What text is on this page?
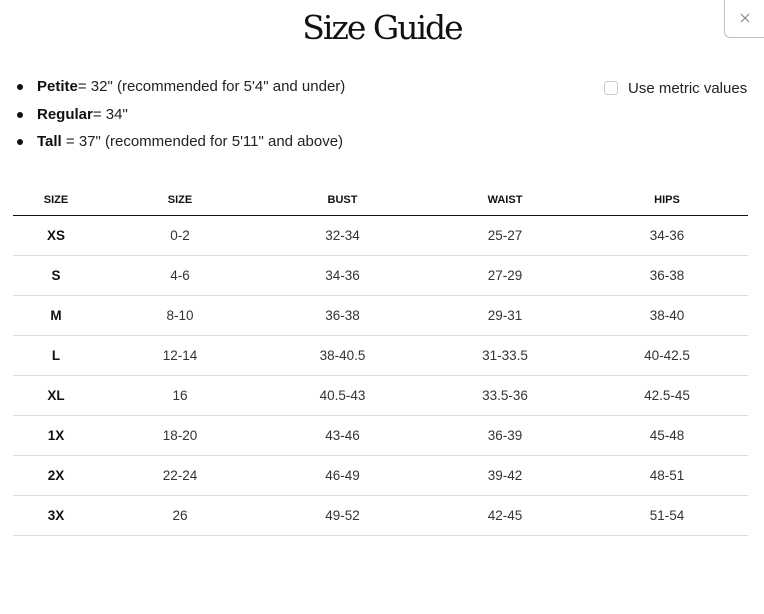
Size Guide
Petite= 32" (recommended for 5'4" and under)
Regular= 34"
Tall = 37" (recommended for 5'11" and above)
Use metric values
SIZE	SIZE	BUST	WAIST	HIPS
XS	0-2	32-34	25-27	34-36
S	4-6	34-36	27-29	36-38
M	8-10	36-38	29-31	38-40
L	12-14	38-40.5	31-33.5	40-42.5
XL	16	40.5-43	33.5-36	42.5-45
1X	18-20	43-46	36-39	45-48
2X	22-24	46-49	39-42	48-51
3X	26	49-52	42-45	51-54
